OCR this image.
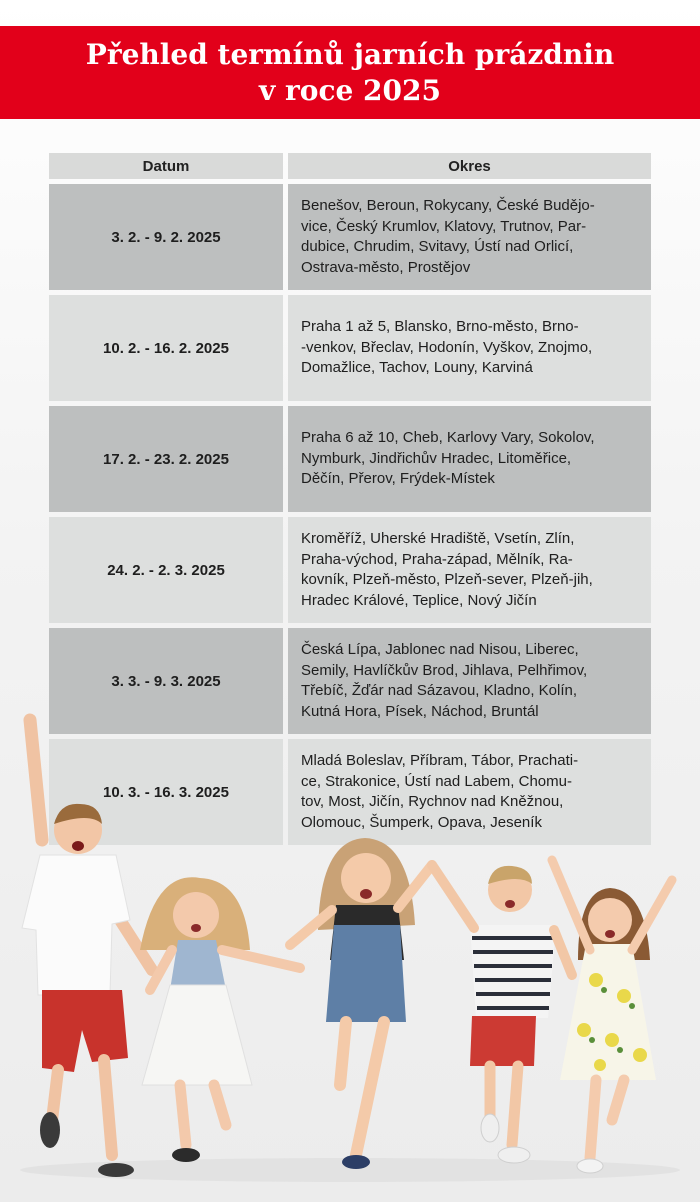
Přehled termínů jarních prázdnin
v roce 2025
Datum	Okres
3. 2. - 9. 2. 2025
Benešov, Beroun, Rokycany, České Budějo-
vice, Český Krumlov, Klatovy, Trutnov, Par-
dubice, Chrudim, Svitavy, Ústí nad Orlicí,
Ostrava-město, Prostějov
10. 2. - 16. 2. 2025
Praha 1 až 5, Blansko, Brno-město, Brno-
-venkov, Břeclav, Hodonín, Vyškov, Znojmo,
Domažlice, Tachov, Louny, Karviná
17. 2. - 23. 2. 2025
Praha 6 až 10, Cheb, Karlovy Vary, Sokolov,
Nymburk, Jindřichův Hradec, Litoměřice,
Děčín, Přerov, Frýdek-Místek
24. 2. - 2. 3. 2025
Kroměříž, Uherské Hradiště, Vsetín, Zlín,
Praha-východ, Praha-západ, Mělník, Ra-
kovník, Plzeň-město, Plzeň-sever, Plzeň-jih,
Hradec Králové, Teplice, Nový Jičín
3. 3. - 9. 3. 2025
Česká Lípa, Jablonec nad Nisou, Liberec,
Semily, Havlíčkův Brod, Jihlava, Pelhřimov,
Třebíč, Žďár nad Sázavou, Kladno, Kolín,
Kutná Hora, Písek, Náchod, Bruntál
10. 3. - 16. 3. 2025
Mladá Boleslav, Příbram, Tábor, Prachati-
ce, Strakonice, Ústí nad Labem, Chomu-
tov, Most, Jičín, Rychnov nad Kněžnou,
Olomouc, Šumperk, Opava, Jeseník
